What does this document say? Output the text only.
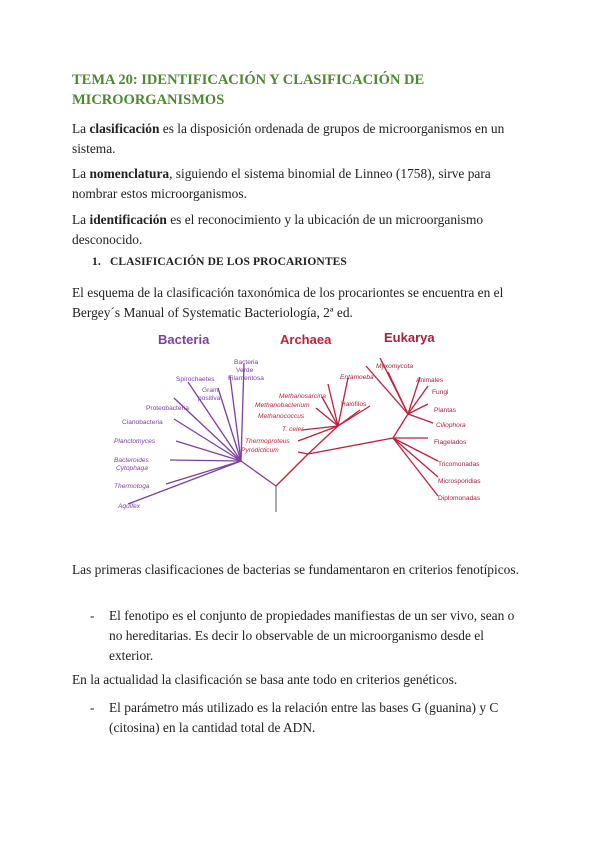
TEMA 20: IDENTIFICACIÓN Y CLASIFICACIÓN DE MICROORGANISMOS
La clasificación es la disposición ordenada de grupos de microorganismos en un sistema.
La nomenclatura, siguiendo el sistema binomial de Linneo (1758), sirve para nombrar estos microorganismos.
La identificación es el reconocimiento y la ubicación de un microorganismo desconocido.
1. CLASIFICACIÓN DE LOS PROCARIONTES
El esquema de la clasificación taxonómica de los procariontes se encuentra en el Bergey´s Manual of Systematic Bacteriología, 2ª ed.
Bacteria	Archaea	Eukarya
Bacteria
Verde
Filamentosa
Spirochaetes
Gram
positiva
Proteobacteria
Cianobacteria
Planctomyces
Bacteroides
Cytophaga
Thermotoga
Aquifex
Methanosarcina
Methanobacterium
Methanococcus
T. celer
Thermoproteus
Pyrodicticum
Halófilos
Myxomycota
Entamoeba	Animales
Fungi
Plantas
Ciliophora
Flagelados
Tricomonadas
Microsporidias
Diplomonadas
Las primeras clasificaciones de bacterias se fundamentaron en criterios fenotípicos.
- El fenotipo es el conjunto de propiedades manifiestas de un ser vivo, sean o no hereditarias. Es decir lo observable de un microorganismo desde el exterior.
En la actualidad la clasificación se basa ante todo en criterios genéticos.
- El parámetro más utilizado es la relación entre las bases G (guanina) y C (citosina) en la cantidad total de ADN.
